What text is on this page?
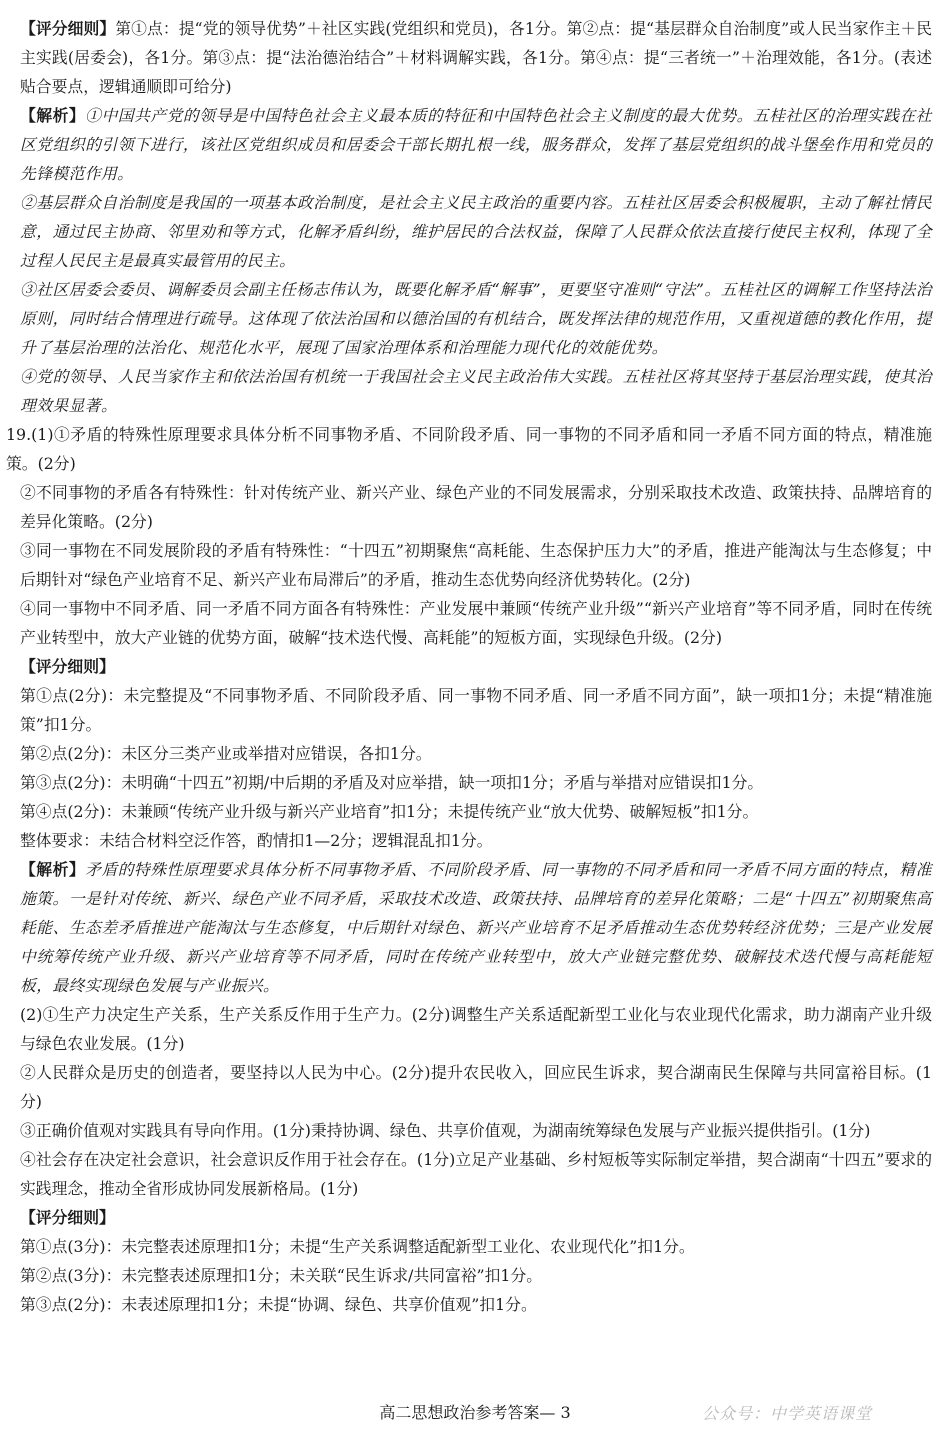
【评分细则】第①点：提“党的领导优势”＋社区实践(党组织和党员)，各1分。第②点：提“基层群众自治制度”或人民当家作主＋民主实践(居委会)，各1分。第③点：提“法治德治结合”＋材料调解实践，各1分。第④点：提“三者统一”＋治理效能，各1分。(表述贴合要点，逻辑通顺即可给分)

【解析】①中国共产党的领导是中国特色社会主义最本质的特征和中国特色社会主义制度的最大优势。五桂社区的治理实践在社区党组织的引领下进行，该社区党组织成员和居委会干部长期扎根一线，服务群众，发挥了基层党组织的战斗堡垒作用和党员的先锋模范作用。

②基层群众自治制度是我国的一项基本政治制度，是社会主义民主政治的重要内容。五桂社区居委会积极履职，主动了解社情民意，通过民主协商、邻里劝和等方式，化解矛盾纠纷，维护居民的合法权益，保障了人民群众依法直接行使民主权利，体现了全过程人民民主是最真实最管用的民主。

③社区居委会委员、调解委员会副主任杨志伟认为，既要化解矛盾“解事”，更要坚守准则“守法”。五桂社区的调解工作坚持法治原则，同时结合情理进行疏导。这体现了依法治国和以德治国的有机结合，既发挥法律的规范作用，又重视道德的教化作用，提升了基层治理的法治化、规范化水平，展现了国家治理体系和治理能力现代化的效能优势。

④党的领导、人民当家作主和依法治国有机统一于我国社会主义民主政治伟大实践。五桂社区将其坚持于基层治理实践，使其治理效果显著。

19.(1)①矛盾的特殊性原理要求具体分析不同事物矛盾、不同阶段矛盾、同一事物的不同矛盾和同一矛盾不同方面的特点，精准施策。(2分)

②不同事物的矛盾各有特殊性：针对传统产业、新兴产业、绿色产业的不同发展需求，分别采取技术改造、政策扶持、品牌培育的差异化策略。(2分)

③同一事物在不同发展阶段的矛盾有特殊性：“十四五”初期聚焦“高耗能、生态保护压力大”的矛盾，推进产能淘汰与生态修复；中后期针对“绿色产业培育不足、新兴产业布局滞后”的矛盾，推动生态优势向经济优势转化。(2分)

④同一事物中不同矛盾、同一矛盾不同方面各有特殊性：产业发展中兼顾“传统产业升级”“新兴产业培育”等不同矛盾，同时在传统产业转型中，放大产业链的优势方面，破解“技术迭代慢、高耗能”的短板方面，实现绿色升级。(2分)

【评分细则】

第①点(2分)：未完整提及“不同事物矛盾、不同阶段矛盾、同一事物不同矛盾、同一矛盾不同方面”，缺一项扣1分；未提“精准施策”扣1分。

第②点(2分)：未区分三类产业或举措对应错误，各扣1分。

第③点(2分)：未明确“十四五”初期/中后期的矛盾及对应举措，缺一项扣1分；矛盾与举措对应错误扣1分。

第④点(2分)：未兼顾“传统产业升级与新兴产业培育”扣1分；未提传统产业“放大优势、破解短板”扣1分。

整体要求：未结合材料空泛作答，酌情扣1—2分；逻辑混乱扣1分。

【解析】矛盾的特殊性原理要求具体分析不同事物矛盾、不同阶段矛盾、同一事物的不同矛盾和同一矛盾不同方面的特点，精准施策。一是针对传统、新兴、绿色产业不同矛盾，采取技术改造、政策扶持、品牌培育的差异化策略；二是“十四五”初期聚焦高耗能、生态差矛盾推进产能淘汰与生态修复，中后期针对绿色、新兴产业培育不足矛盾推动生态优势转经济优势；三是产业发展中统筹传统产业升级、新兴产业培育等不同矛盾，同时在传统产业转型中，放大产业链完整优势、破解技术迭代慢与高耗能短板，最终实现绿色发展与产业振兴。

(2)①生产力决定生产关系，生产关系反作用于生产力。(2分)调整生产关系适配新型工业化与农业现代化需求，助力湖南产业升级与绿色农业发展。(1分)

②人民群众是历史的创造者，要坚持以人民为中心。(2分)提升农民收入，回应民生诉求，契合湖南民生保障与共同富裕目标。(1分)

③正确价值观对实践具有导向作用。(1分)秉持协调、绿色、共享价值观，为湖南统筹绿色发展与产业振兴提供指引。(1分)

④社会存在决定社会意识，社会意识反作用于社会存在。(1分)立足产业基础、乡村短板等实际制定举措，契合湖南“十四五”要求的实践理念，推动全省形成协同发展新格局。(1分)

【评分细则】

第①点(3分)：未完整表述原理扣1分；未提“生产关系调整适配新型工业化、农业现代化”扣1分。

第②点(3分)：未完整表述原理扣1分；未关联“民生诉求/共同富裕”扣1分。

第③点(2分)：未表述原理扣1分；未提“协调、绿色、共享价值观”扣1分。

高二思想政治参考答案— 3	公众号：中学英语课堂
